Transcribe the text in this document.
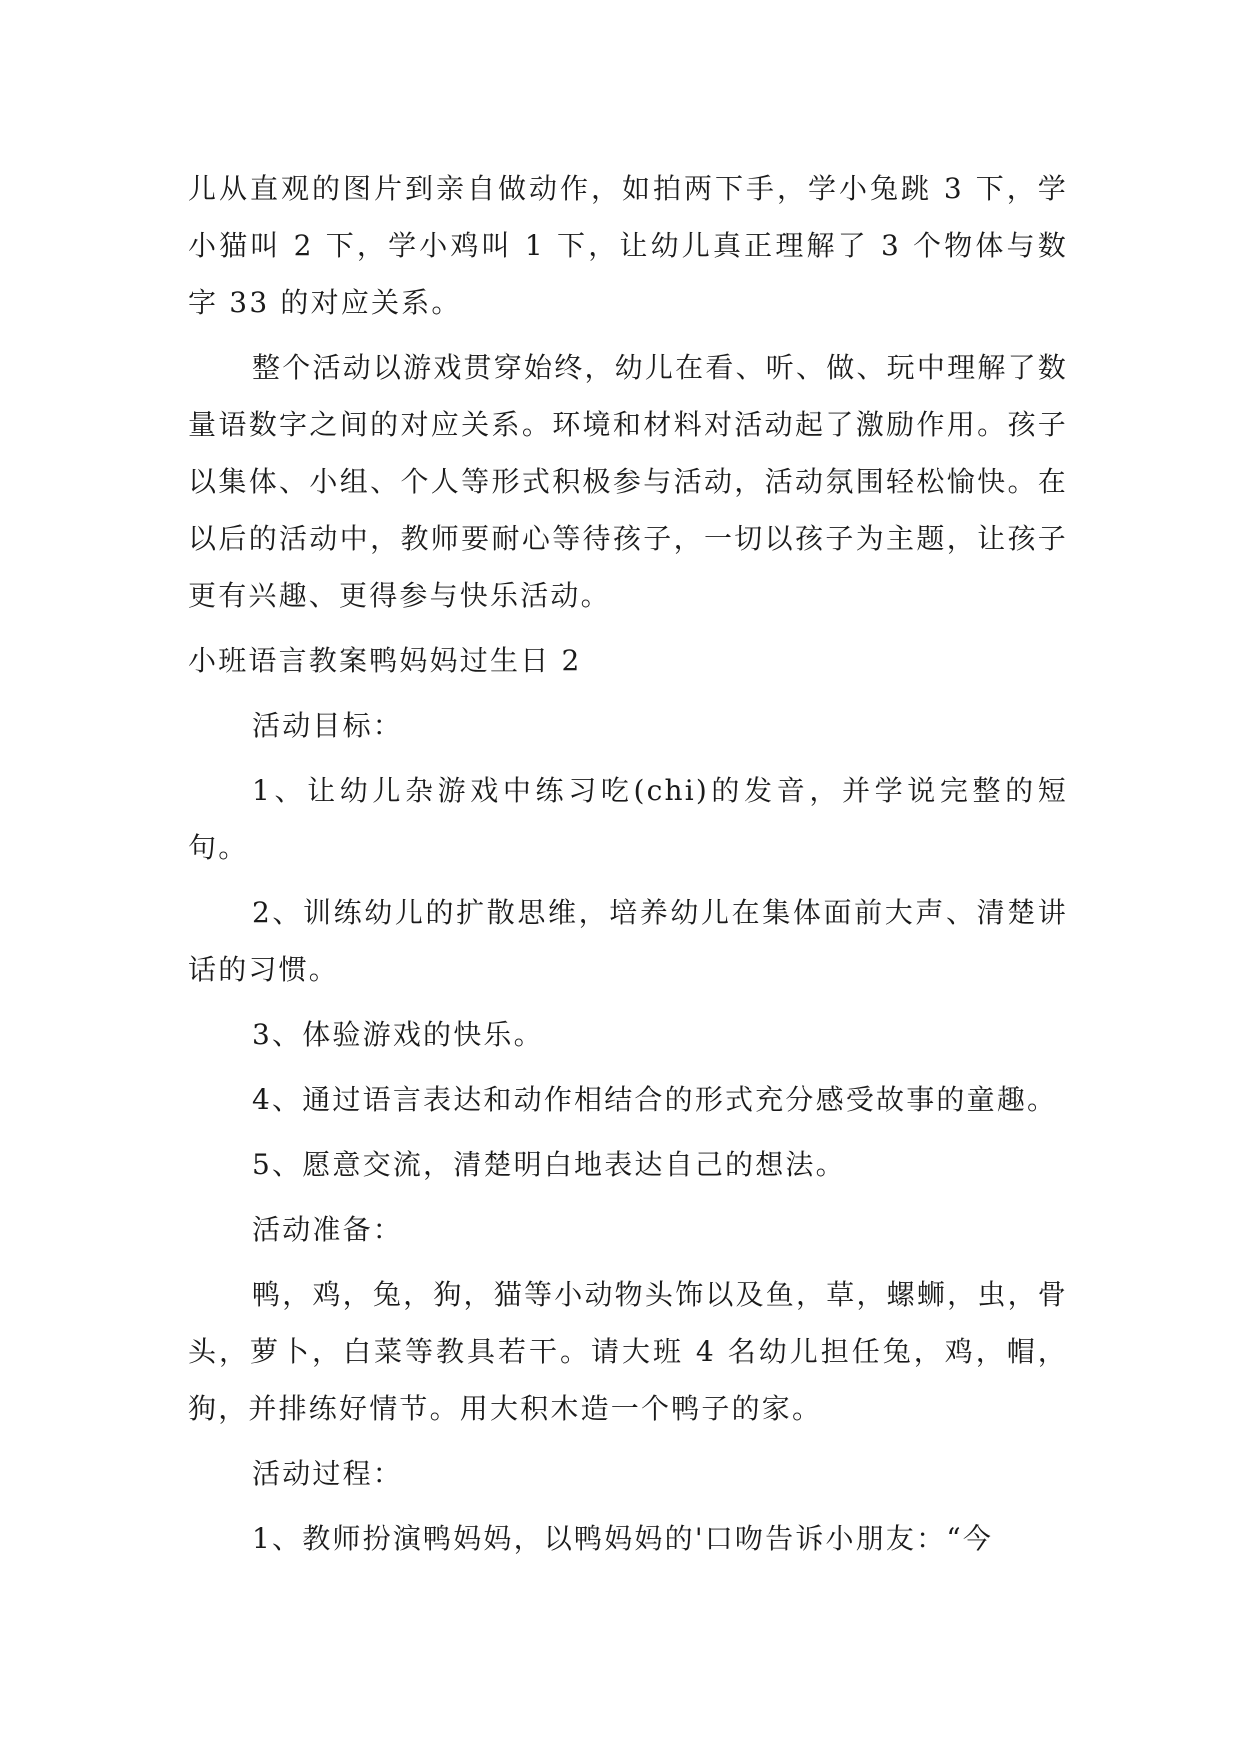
儿从直观的图片到亲自做动作，如拍两下手，学小兔跳 3 下，学小猫叫 2 下，学小鸡叫 1 下，让幼儿真正理解了 3 个物体与数字 33 的对应关系。

整个活动以游戏贯穿始终，幼儿在看、听、做、玩中理解了数量语数字之间的对应关系。环境和材料对活动起了激励作用。孩子以集体、小组、个人等形式积极参与活动，活动氛围轻松愉快。在以后的活动中，教师要耐心等待孩子，一切以孩子为主题，让孩子更有兴趣、更得参与快乐活动。

小班语言教案鸭妈妈过生日 2

活动目标：

1、让幼儿杂游戏中练习吃(chi)的发音，并学说完整的短句。

2、训练幼儿的扩散思维，培养幼儿在集体面前大声、清楚讲话的习惯。

3、体验游戏的快乐。

4、通过语言表达和动作相结合的形式充分感受故事的童趣。

5、愿意交流，清楚明白地表达自己的想法。

活动准备：

鸭，鸡，兔，狗，猫等小动物头饰以及鱼，草，螺蛳，虫，骨头，萝卜，白菜等教具若干。请大班 4 名幼儿担任兔，鸡，帽，狗，并排练好情节。用大积木造一个鸭子的家。

活动过程：

1、教师扮演鸭妈妈，以鸭妈妈的'口吻告诉小朋友：“今
